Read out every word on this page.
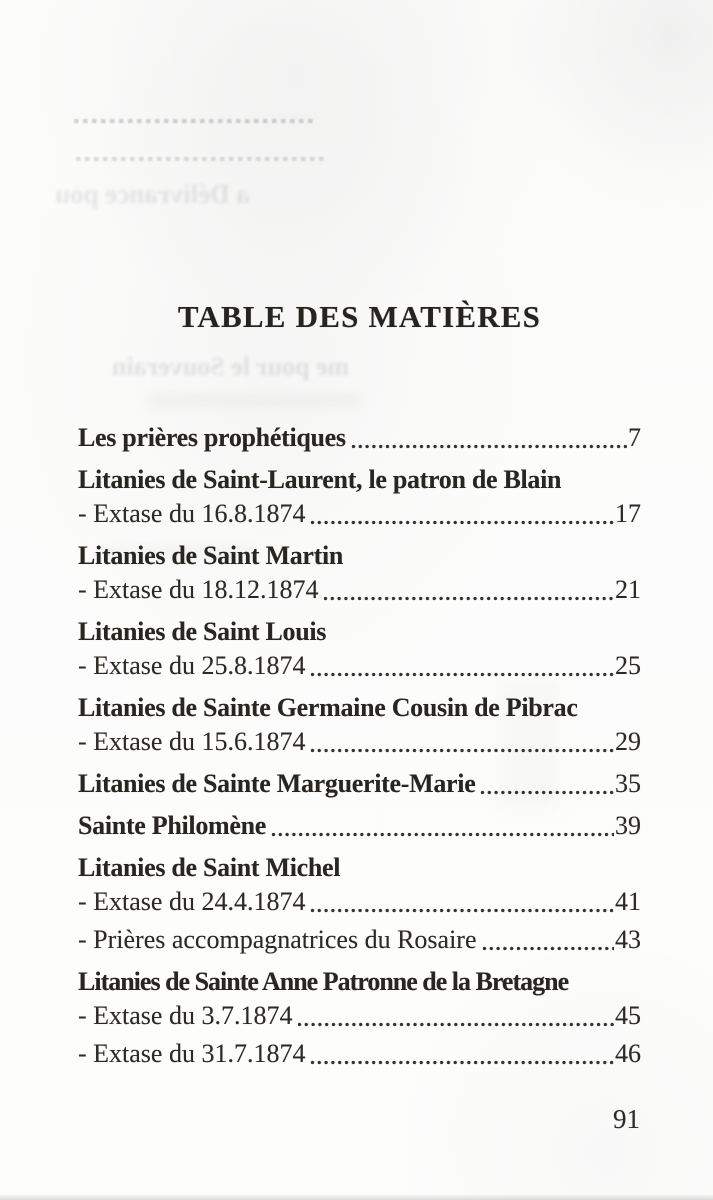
a Délivrance pou
me pour le Souverain
TABLE DES MATIÈRES
Les prières prophétiques	7
Litanies de Saint-Laurent, le patron de Blain
- Extase du 16.8.1874	17
Litanies de Saint Martin
- Extase du 18.12.1874	21
Litanies de Saint Louis
- Extase du 25.8.1874	25
Litanies de Sainte Germaine Cousin de Pibrac
- Extase du 15.6.1874	29
Litanies de Sainte Marguerite-Marie	35
Sainte Philomène	39
Litanies de Saint Michel
- Extase du 24.4.1874	41
- Prières accompagnatrices du Rosaire	43
Litanies de Sainte Anne Patronne de la Bretagne
- Extase du 3.7.1874	45
- Extase du 31.7.1874	46
91
